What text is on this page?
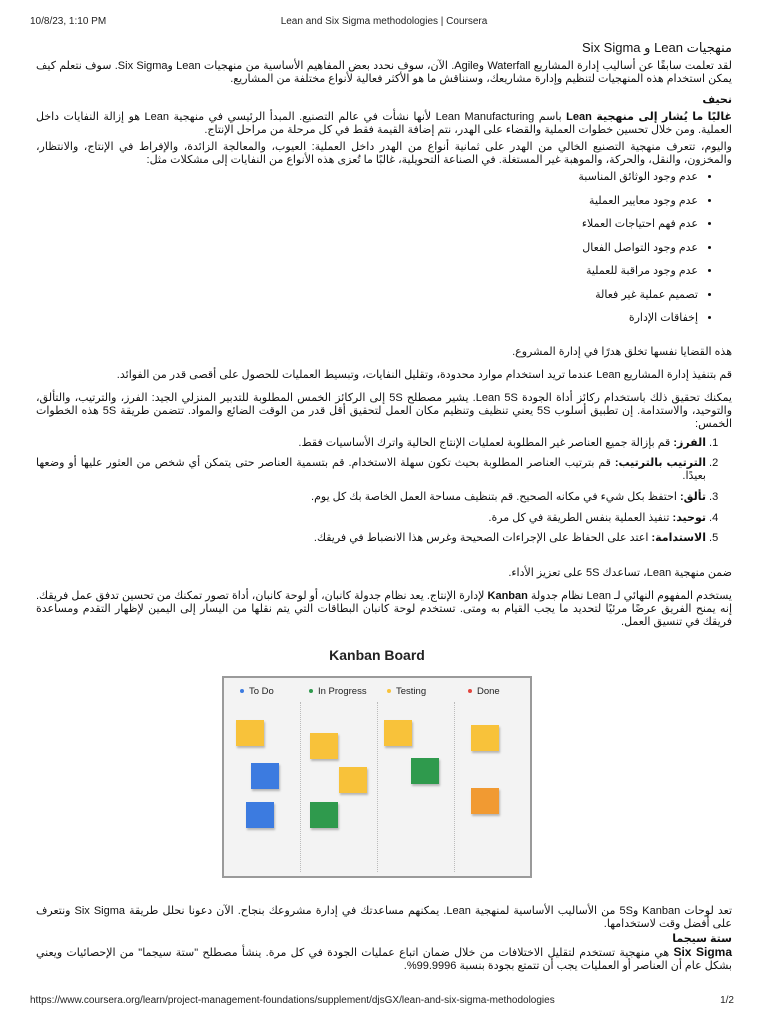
10/8/23, 1:10 PM	Lean and Six Sigma methodologies | Coursera
منهجيات Lean و Six Sigma

لقد تعلمت سابقًا عن أساليب إدارة المشاريع Waterfall وAgile. الآن، سوف نحدد بعض المفاهيم الأساسية من منهجيات Lean وSix Sigma. سوف نتعلم كيف يمكن استخدام هذه المنهجيات لتنظيم وإدارة مشاريعك، وسنناقش ما هو الأكثر فعالية لأنواع مختلفة من المشاريع.

نحيف

غالبًا ما يُشار إلى منهجية Lean باسم Lean Manufacturing لأنها نشأت في عالم التصنيع. المبدأ الرئيسي في منهجية Lean هو إزالة النفايات داخل العملية. ومن خلال تحسين خطوات العملية والقضاء على الهدر، نتم إضافة القيمة فقط في كل مرحلة من مراحل الإنتاج.

واليوم، تتعرف منهجية التصنيع الخالي من الهدر على ثمانية أنواع من الهدر داخل العملية: العيوب، والمعالجة الزائدة، والإفراط في الإنتاج، والانتظار، والمخزون، والنقل، والحركة، والموهبة غير المستغلة. في الصناعة التحويلية، غالبًا ما تُعزى هذه الأنواع من النفايات إلى مشكلات مثل:

• عدم وجود الوثائق المناسبة
• عدم وجود معايير العملية
• عدم فهم احتياجات العملاء
• عدم وجود التواصل الفعال
• عدم وجود مراقبة للعملية
• تصميم عملية غير فعالة
• إخفاقات الإدارة

هذه القضايا نفسها تخلق هدرًا في إدارة المشروع.

قم بتنفيذ إدارة المشاريع Lean عندما تريد استخدام موارد محدودة، وتقليل النفايات، وتبسيط العمليات للحصول على أقصى قدر من الفوائد.

يمكنك تحقيق ذلك باستخدام ركائز أداة الجودة Lean 5S. يشير مصطلح 5S إلى الركائز الخمس المطلوبة للتدبير المنزلي الجيد: الفرز، والترتيب، والتألق، والتوحيد، والاستدامة. إن تطبيق أسلوب 5S يعني تنظيف وتنظيم مكان العمل لتحقيق أقل قدر من الوقت الضائع والمواد. تتضمن طريقة 5S هذه الخطوات الخمس:

1. الفرز: قم بإزالة جميع العناصر غير المطلوبة لعمليات الإنتاج الحالية واترك الأساسيات فقط.
2. الترتيب بالترتيب: قم بترتيب العناصر المطلوبة بحيث تكون سهلة الاستخدام. قم بتسمية العناصر حتى يتمكن أي شخص من العثور عليها أو وضعها بعيدًا.
3. تألق: احتفظ بكل شيء في مكانه الصحيح. قم بتنظيف مساحة العمل الخاصة بك كل يوم.
4. توحيد: تنفيذ العملية بنفس الطريقة في كل مرة.
5. الاستدامة: اعتد على الحفاظ على الإجراءات الصحيحة وغرس هذا الانضباط في فريقك.

ضمن منهجية Lean، تساعدك 5S على تعزيز الأداء.

يستخدم المفهوم النهائي لـ Lean نظام جدولة Kanban لإدارة الإنتاج. يعد نظام جدولة كانبان، أو لوحة كانبان، أداة تصور تمكنك من تحسين تدفق عمل فريقك. إنه يمنح الفريق عرضًا مرئيًا لتحديد ما يجب القيام به ومتى. تستخدم لوحة كانبان البطاقات التي يتم نقلها من اليسار إلى اليمين لإظهار التقدم ومساعدة فريقك في تنسيق العمل.

Kanban Board
To Do	In Progress	Testing	Done

تعد لوحات Kanban و5S من الأساليب الأساسية لمنهجية Lean. يمكنهم مساعدتك في إدارة مشروعك بنجاح. الآن دعونا نحلل طريقة Six Sigma ونتعرف على أفضل وقت لاستخدامها.

ستة سيجما

Six Sigma هي منهجية تستخدم لتقليل الاختلافات من خلال ضمان اتباع عمليات الجودة في كل مرة. ينشأ مصطلح "ستة سيجما" من الإحصائيات ويعني بشكل عام أن العناصر أو العمليات يجب أن تتمتع بجودة بنسبة 99.9996%.

https://www.coursera.org/learn/project-management-foundations/supplement/djsGX/lean-and-six-sigma-methodologies	1/2
